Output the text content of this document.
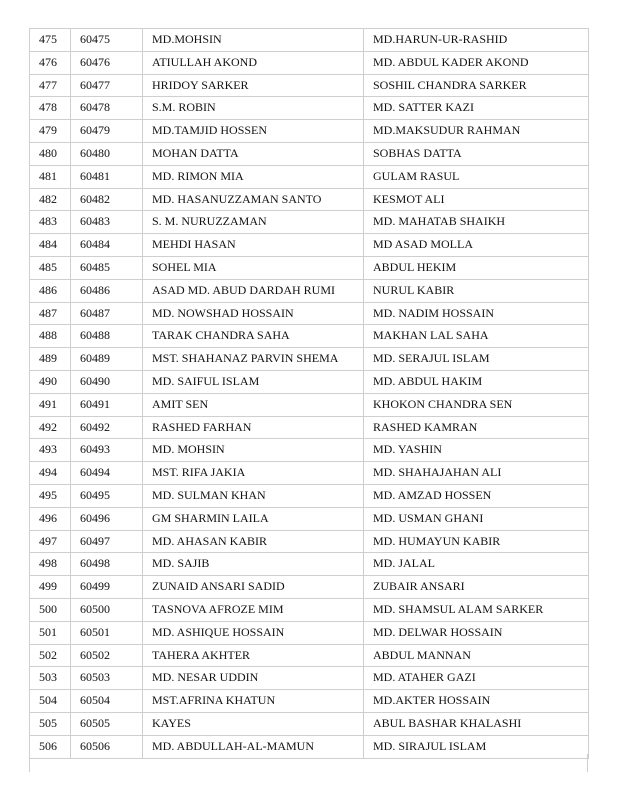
475	60475	MD.MOHSIN	MD.HARUN-UR-RASHID
476	60476	ATIULLAH AKOND	MD. ABDUL KADER AKOND
477	60477	HRIDOY SARKER	SOSHIL CHANDRA SARKER
478	60478	S.M. ROBIN	MD. SATTER KAZI
479	60479	MD.TAMJID HOSSEN	MD.MAKSUDUR RAHMAN
480	60480	MOHAN DATTA	SOBHAS DATTA
481	60481	MD. RIMON MIA	GULAM RASUL
482	60482	MD. HASANUZZAMAN SANTO	KESMOT ALI
483	60483	S. M. NURUZZAMAN	MD. MAHATAB SHAIKH
484	60484	MEHDI HASAN	MD ASAD MOLLA
485	60485	SOHEL MIA	ABDUL HEKIM
486	60486	ASAD MD. ABUD DARDAH RUMI	NURUL KABIR
487	60487	MD. NOWSHAD HOSSAIN	MD. NADIM HOSSAIN
488	60488	TARAK CHANDRA SAHA	MAKHAN LAL SAHA
489	60489	MST. SHAHANAZ PARVIN SHEMA	MD. SERAJUL ISLAM
490	60490	MD. SAIFUL ISLAM	MD. ABDUL HAKIM
491	60491	AMIT SEN	KHOKON CHANDRA SEN
492	60492	RASHED FARHAN	RASHED KAMRAN
493	60493	MD. MOHSIN	MD. YASHIN
494	60494	MST. RIFA JAKIA	MD. SHAHAJAHAN ALI
495	60495	MD. SULMAN KHAN	MD. AMZAD HOSSEN
496	60496	GM SHARMIN LAILA	MD. USMAN GHANI
497	60497	MD. AHASAN KABIR	MD. HUMAYUN KABIR
498	60498	MD. SAJIB	MD. JALAL
499	60499	ZUNAID ANSARI SADID	ZUBAIR ANSARI
500	60500	TASNOVA AFROZE MIM	MD. SHAMSUL ALAM SARKER
501	60501	MD. ASHIQUE HOSSAIN	MD. DELWAR HOSSAIN
502	60502	TAHERA AKHTER	ABDUL MANNAN
503	60503	MD. NESAR UDDIN	MD. ATAHER GAZI
504	60504	MST.AFRINA KHATUN	MD.AKTER HOSSAIN
505	60505	KAYES	ABUL BASHAR KHALASHI
506	60506	MD. ABDULLAH-AL-MAMUN	MD. SIRAJUL ISLAM
